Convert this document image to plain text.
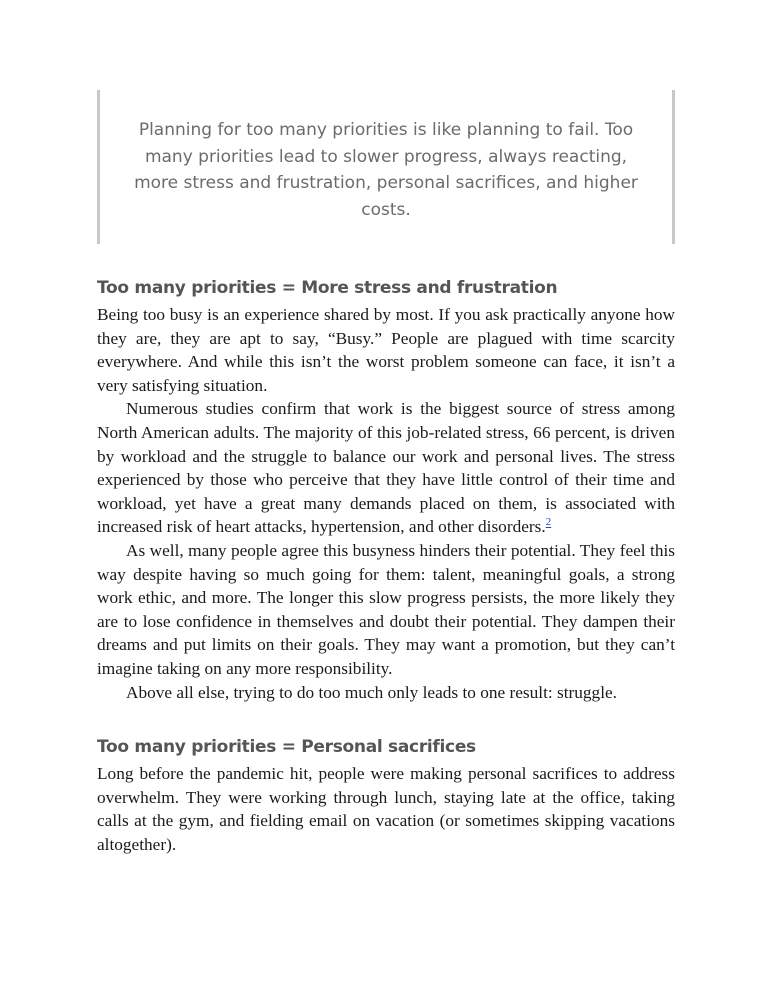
Planning for too many priorities is like planning to fail. Too many priorities lead to slower progress, always reacting, more stress and frustration, personal sacrifices, and higher costs.

Too many priorities = More stress and frustration

Being too busy is an experience shared by most. If you ask practically anyone how they are, they are apt to say, “Busy.” People are plagued with time scarcity everywhere. And while this isn’t the worst problem someone can face, it isn’t a very satisfying situation.

Numerous studies confirm that work is the biggest source of stress among North American adults. The majority of this job-related stress, 66 percent, is driven by workload and the struggle to balance our work and personal lives. The stress experienced by those who perceive that they have little control of their time and workload, yet have a great many demands placed on them, is associated with increased risk of heart attacks, hypertension, and other disorders.$^2$

As well, many people agree this busyness hinders their potential. They feel this way despite having so much going for them: talent, meaningful goals, a strong work ethic, and more. The longer this slow progress persists, the more likely they are to lose confidence in themselves and doubt their potential. They dampen their dreams and put limits on their goals. They may want a promotion, but they can’t imagine taking on any more responsibility.

Above all else, trying to do too much only leads to one result: struggle.

Too many priorities = Personal sacrifices

Long before the pandemic hit, people were making personal sacrifices to address overwhelm. They were working through lunch, staying late at the office, taking calls at the gym, and fielding email on vacation (or sometimes skipping vacations altogether).
